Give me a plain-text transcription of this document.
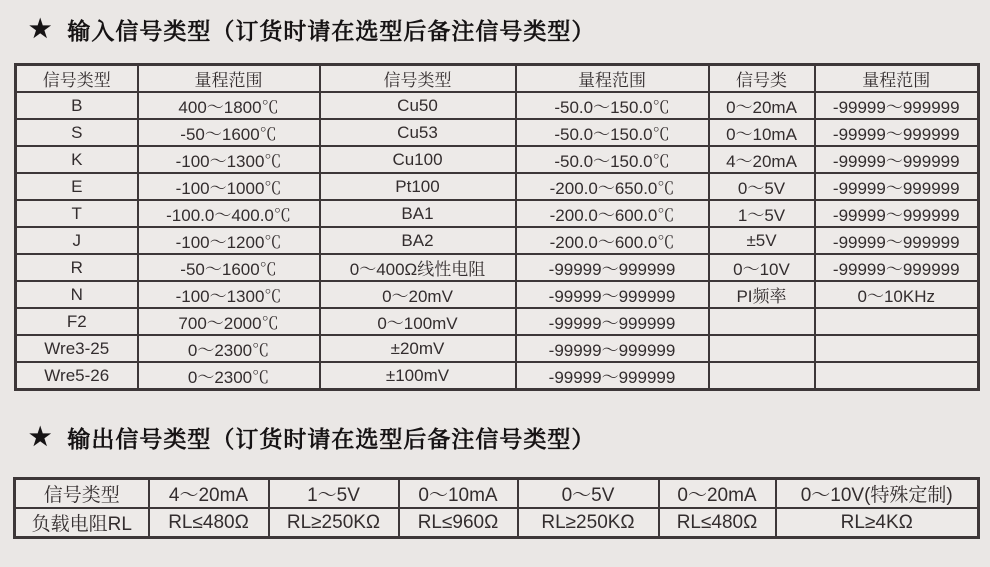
★ 输入信号类型（订货时请在选型后备注信号类型）
信号类型	量程范围	信号类型	量程范围	信号类	量程范围
B	400～1800℃	Cu50	-50.0～150.0℃	0～20mA	-99999～999999
S	-50～1600℃	Cu53	-50.0～150.0℃	0～10mA	-99999～999999
K	-100～1300℃	Cu100	-50.0～150.0℃	4～20mA	-99999～999999
E	-100～1000℃	Pt100	-200.0～650.0℃	0～5V	-99999～999999
T	-100.0～400.0℃	BA1	-200.0～600.0℃	1～5V	-99999～999999
J	-100～1200℃	BA2	-200.0～600.0℃	±5V	-99999～999999
R	-50～1600℃	0～400Ω线性电阻	-99999～999999	0～10V	-99999～999999
N	-100～1300℃	0～20mV	-99999～999999	PI频率	0～10KHz
F2	700～2000℃	0～100mV	-99999～999999		
Wre3-25	0～2300℃	±20mV	-99999～999999		
Wre5-26	0～2300℃	±100mV	-99999～999999		
★ 输出信号类型（订货时请在选型后备注信号类型）
信号类型	4～20mA	1～5V	0～10mA	0～5V	0～20mA	0～10V(特殊定制)
负载电阻RL	RL≤480Ω	RL≥250KΩ	RL≤960Ω	RL≥250KΩ	RL≤480Ω	RL≥4KΩ
